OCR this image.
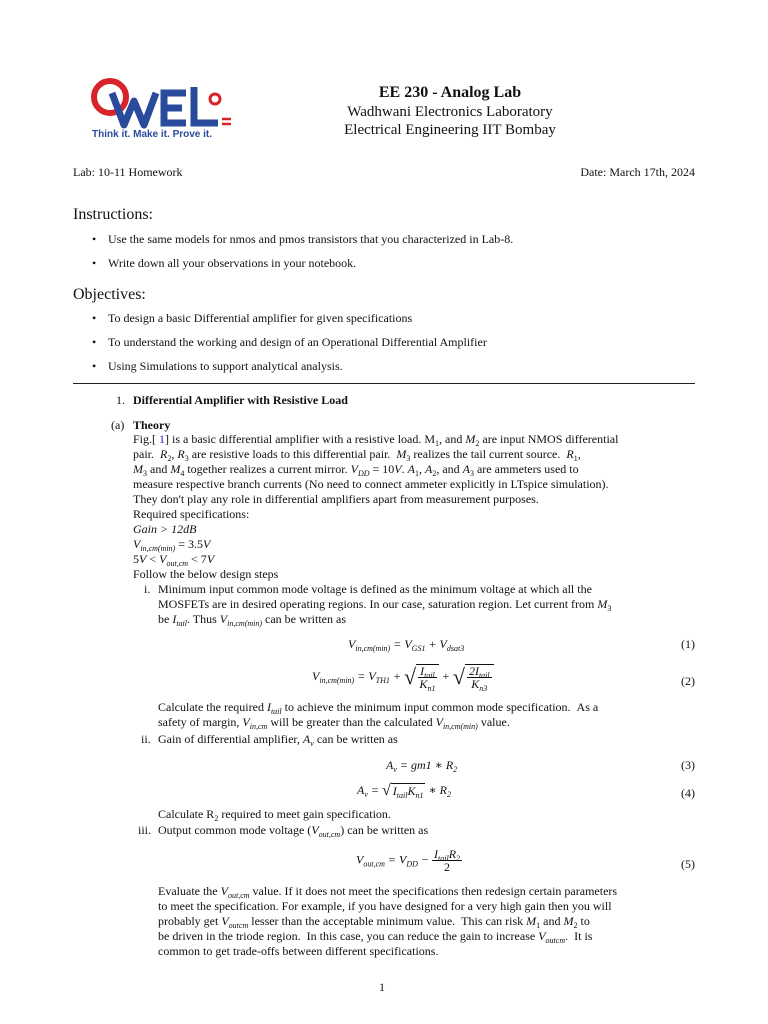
Think it. Make it. Prove it.
EE 230 - Analog Lab
Wadhwani Electronics Laboratory
Electrical Engineering IIT Bombay
Lab: 10-11 Homework	Date: March 17th, 2024
Instructions:
• Use the same models for nmos and pmos transistors that you characterized in Lab-8.
• Write down all your observations in your notebook.
Objectives:
• To design a basic Differential amplifier for given specifications
• To understand the working and design of an Operational Differential Amplifier
• Using Simulations to support analytical analysis.
1. Differential Amplifier with Resistive Load
(a) Theory
Fig.[ 1] is a basic differential amplifier with a resistive load. $M_1$, and $M_2$ are input NMOS differential
pair.  $R_2$, $R_3$ are resistive loads to this differential pair.  $M_3$ realizes the tail current source.  $R_1$,
$M_3$ and $M_4$ together realizes a current mirror. $V_{DD} = 10V$. $A_1$, $A_2$, and $A_3$ are ammeters used to
measure respective branch currents (No need to connect ammeter explicitly in LTspice simulation).
They don't play any role in differential amplifiers apart from measurement purposes.
Required specifications:
Gain > 12dB
$V_{in,cm(min)} = 3.5V$
$5V < V_{out,cm} < 7V$
Follow the below design steps
i. Minimum input common mode voltage is defined as the minimum voltage at which all the
MOSFETs are in desired operating regions. In our case, saturation region. Let current from $M_3$
be $I_{tail}$. Thus $V_{in,cm(min)}$ can be written as
$V_{in,cm(min)} = V_{GS1} + V_{dsat3}$	(1)
$V_{in,cm(min)} = V_{TH1}$ + √ $\frac{I_{tail}}{K_{n1}}$ + √ $\frac{2I_{tail}}{K_{n3}}$	(2)
Calculate the required $I_{tail}$ to achieve the minimum input common mode specification.  As a
safety of margin, $V_{in,cm}$ will be greater than the calculated $V_{in,cm(min)}$ value.
ii. Gain of differential amplifier, $A_v$ can be written as
$A_v = gm1$ ∗ $R_2$	(3)
$A_v$ = √ $I_{tail}K_{n1}$ ∗ $R_2$	(4)
Calculate $R_2$ required to meet gain specification.
iii. Output common mode voltage $(V_{out,cm})$ can be written as
$V_{out,cm} = V_{DD} - \frac{I_{tail}R_2}{2}$	(5)
Evaluate the $V_{out,cm}$ value. If it does not meet the specifications then redesign certain parameters
to meet the specification. For example, if you have designed for a very high gain then you will
probably get $V_{outcm}$ lesser than the acceptable minimum value.  This can risk $M_1$ and $M_2$ to
be driven in the triode region.  In this case, you can reduce the gain to increase $V_{outcm}$.  It is
common to get trade-offs between different specifications.
1
